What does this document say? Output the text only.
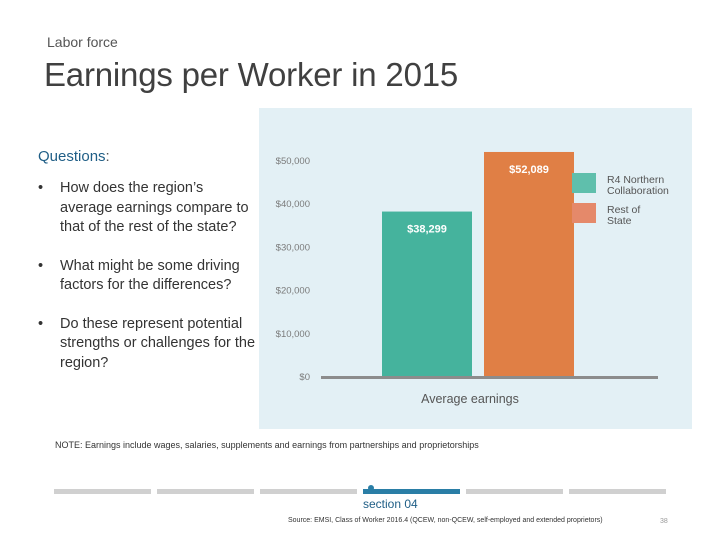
Labor force
Earnings per Worker in 2015
Questions:
• How does the region’s average earnings compare to that of the rest of the state?
• What might be some driving factors for the differences?
• Do these represent potential strengths or challenges for the region?
$0
$10,000
$20,000
$30,000
$40,000
$50,000
$38,299
$52,089
Average earnings
R4 Northern
Collaboration
Rest of
State
NOTE: Earnings include wages, salaries, supplements and earnings from partnerships and proprietorships
section 04
Source: EMSI, Class of Worker 2016.4 (QCEW, non-QCEW, self-employed and extended proprietors)	38
